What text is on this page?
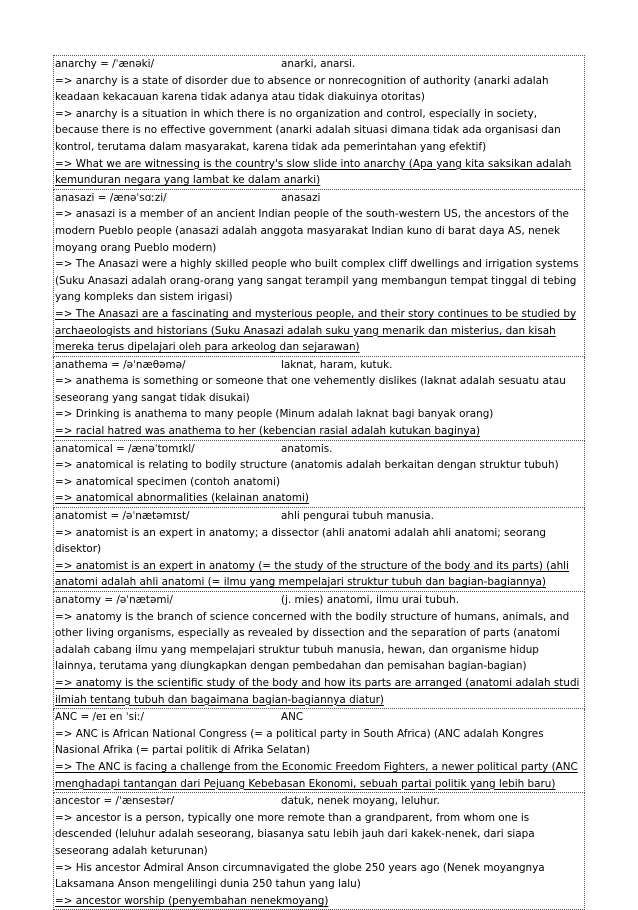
anarchy = /ˈænəki/	anarki, anarsi.
=> anarchy is a state of disorder due to absence or nonrecognition of authority (anarki adalah keadaan kekacauan karena tidak adanya atau tidak diakuinya otoritas)
=> anarchy is a situation in which there is no organization and control, especially in society, because there is no effective government (anarki adalah situasi dimana tidak ada organisasi dan kontrol, terutama dalam masyarakat, karena tidak ada pemerintahan yang efektif)
=> What we are witnessing is the country's slow slide into anarchy (Apa yang kita saksikan adalah kemunduran negara yang lambat ke dalam anarki)
anasazi = /ænəˈsɑːzi/	anasazi
=> anasazi is a member of an ancient Indian people of the south-western US, the ancestors of the modern Pueblo people (anasazi adalah anggota masyarakat Indian kuno di barat daya AS, nenek moyang orang Pueblo modern)
=> The Anasazi were a highly skilled people who built complex cliff dwellings and irrigation systems (Suku Anasazi adalah orang-orang yang sangat terampil yang membangun tempat tinggal di tebing yang kompleks dan sistem irigasi)
=> The Anasazi are a fascinating and mysterious people, and their story continues to be studied by archaeologists and historians (Suku Anasazi adalah suku yang menarik dan misterius, dan kisah mereka terus dipelajari oleh para arkeolog dan sejarawan)
anathema = /əˈnæθəmə/	laknat, haram, kutuk.
=> anathema is something or someone that one vehemently dislikes (laknat adalah sesuatu atau seseorang yang sangat tidak disukai)
=> Drinking is anathema to many people (Minum adalah laknat bagi banyak orang)
=> racial hatred was anathema to her (kebencian rasial adalah kutukan baginya)
anatomical = /ænəˈtɒmɪkl/	anatomis.
=> anatomical is relating to bodily structure (anatomis adalah berkaitan dengan struktur tubuh)
=> anatomical specimen (contoh anatomi)
=> anatomical abnormalities (kelainan anatomi)
anatomist = /əˈnætəmɪst/	ahli pengurai tubuh manusia.
=> anatomist is an expert in anatomy; a dissector (ahli anatomi adalah ahli anatomi; seorang disektor)
=> anatomist is an expert in anatomy (= the study of the structure of the body and its parts) (ahli anatomi adalah ahli anatomi (= ilmu yang mempelajari struktur tubuh dan bagian-bagiannya)
anatomy = /əˈnætəmi/	(j. mies) anatomi, ilmu urai tubuh.
=> anatomy is the branch of science concerned with the bodily structure of humans, animals, and other living organisms, especially as revealed by dissection and the separation of parts (anatomi adalah cabang ilmu yang mempelajari struktur tubuh manusia, hewan, dan organisme hidup lainnya, terutama yang diungkapkan dengan pembedahan dan pemisahan bagian-bagian)
=> anatomy is the scientific study of the body and how its parts are arranged (anatomi adalah studi ilmiah tentang tubuh dan bagaimana bagian-bagiannya diatur)
ANC = /eɪ en ˈsiː/	ANC
=> ANC is African National Congress (= a political party in South Africa) (ANC adalah Kongres Nasional Afrika (= partai politik di Afrika Selatan)
=> The ANC is facing a challenge from the Economic Freedom Fighters, a newer political party (ANC menghadapi tantangan dari Pejuang Kebebasan Ekonomi, sebuah partai politik yang lebih baru)
ancestor = /ˈænsestər/	datuk, nenek moyang, leluhur.
=> ancestor is a person, typically one more remote than a grandparent, from whom one is descended (leluhur adalah seseorang, biasanya satu lebih jauh dari kakek-nenek, dari siapa seseorang adalah keturunan)
=> His ancestor Admiral Anson circumnavigated the globe 250 years ago (Nenek moyangnya Laksamana Anson mengelilingi dunia 250 tahun yang lalu)
=> ancestor worship (penyembahan nenekmoyang)
